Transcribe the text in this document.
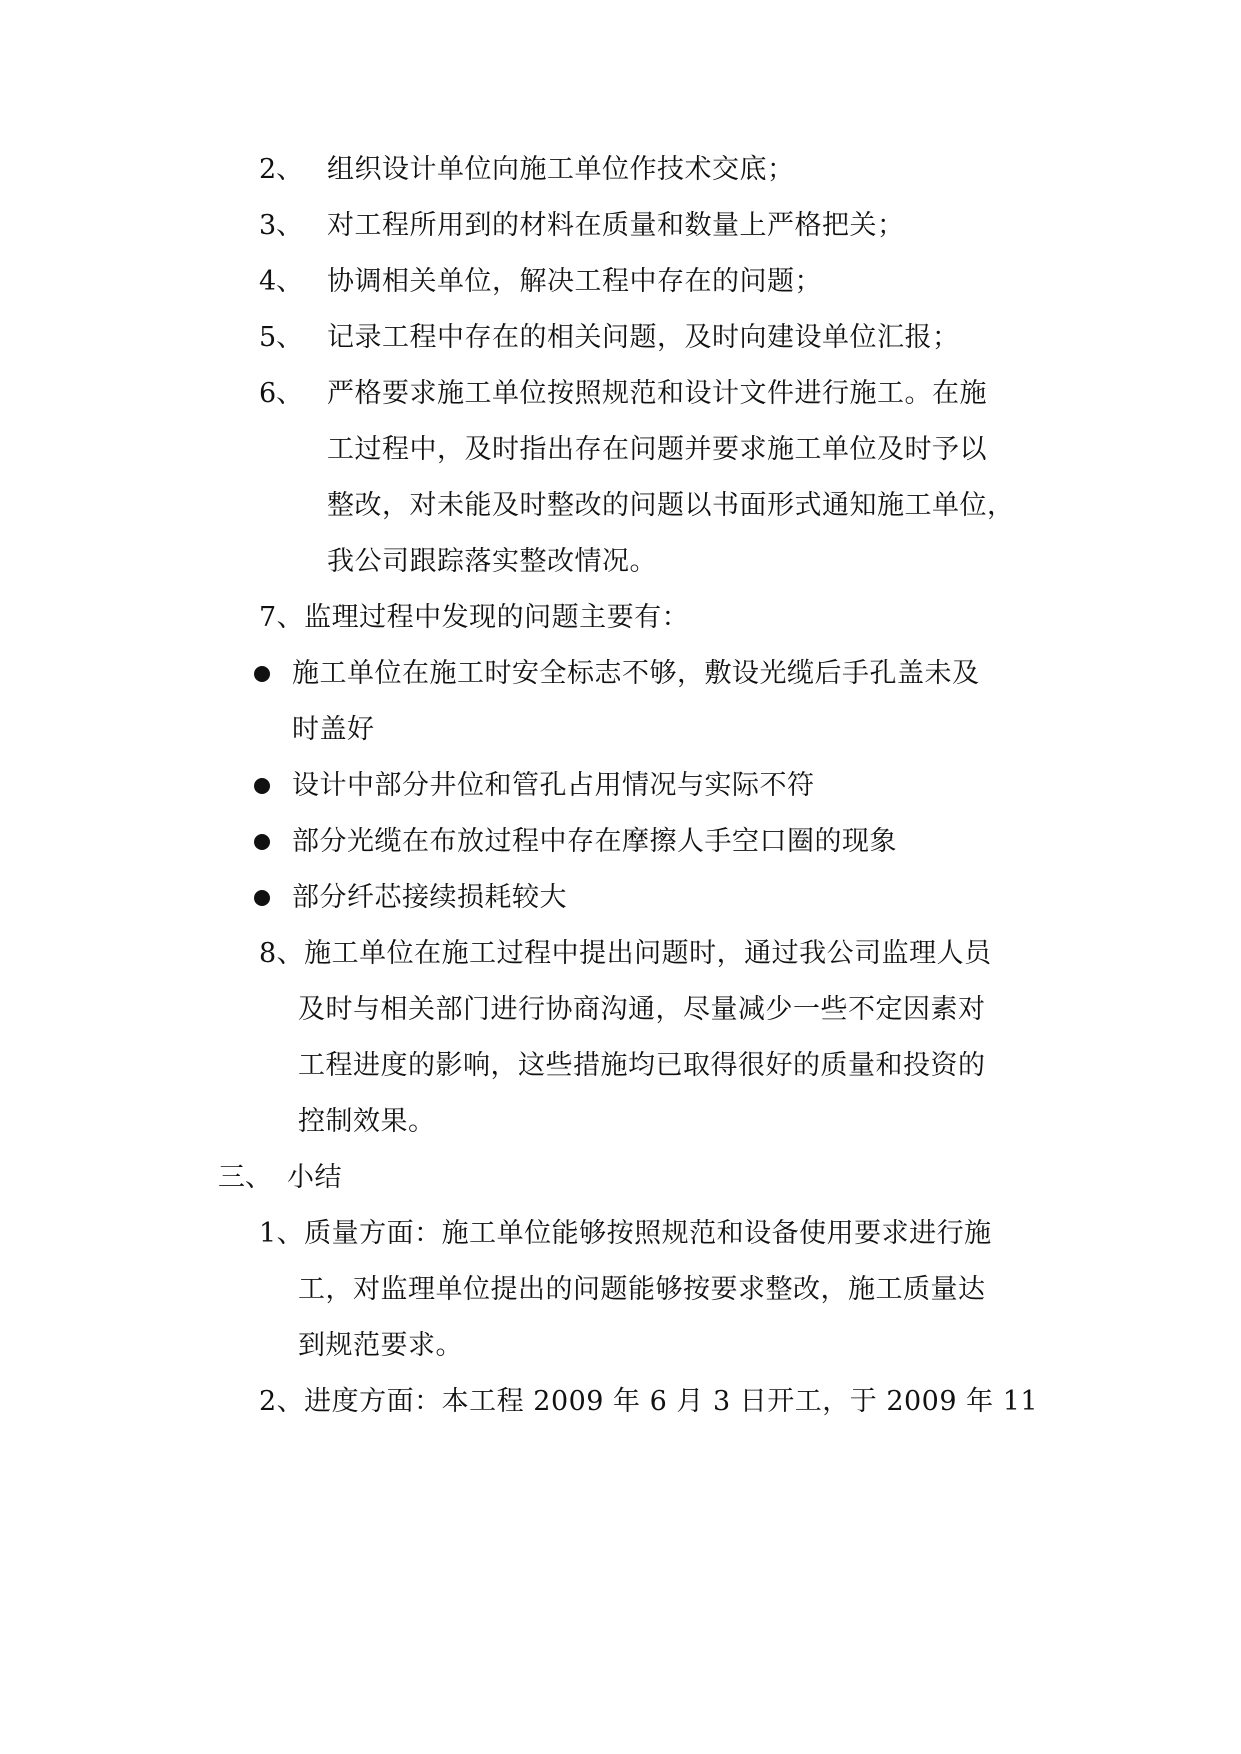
2、 组织设计单位向施工单位作技术交底；
3、 对工程所用到的材料在质量和数量上严格把关；
4、 协调相关单位，解决工程中存在的问题；
5、 记录工程中存在的相关问题，及时向建设单位汇报；
6、 严格要求施工单位按照规范和设计文件进行施工。在施
工过程中，及时指出存在问题并要求施工单位及时予以
整改，对未能及时整改的问题以书面形式通知施工单位，
我公司跟踪落实整改情况。
7、监理过程中发现的问题主要有：
施工单位在施工时安全标志不够，敷设光缆后手孔盖未及
时盖好
设计中部分井位和管孔占用情况与实际不符
部分光缆在布放过程中存在摩擦人手空口圈的现象
部分纤芯接续损耗较大
8、施工单位在施工过程中提出问题时，通过我公司监理人员
及时与相关部门进行协商沟通，尽量减少一些不定因素对
工程进度的影响，这些措施均已取得很好的质量和投资的
控制效果。
三、 小结
1、质量方面：施工单位能够按照规范和设备使用要求进行施
工，对监理单位提出的问题能够按要求整改，施工质量达
到规范要求。
2、进度方面：本工程 2009 年 6 月 3 日开工，于 2009 年 11
